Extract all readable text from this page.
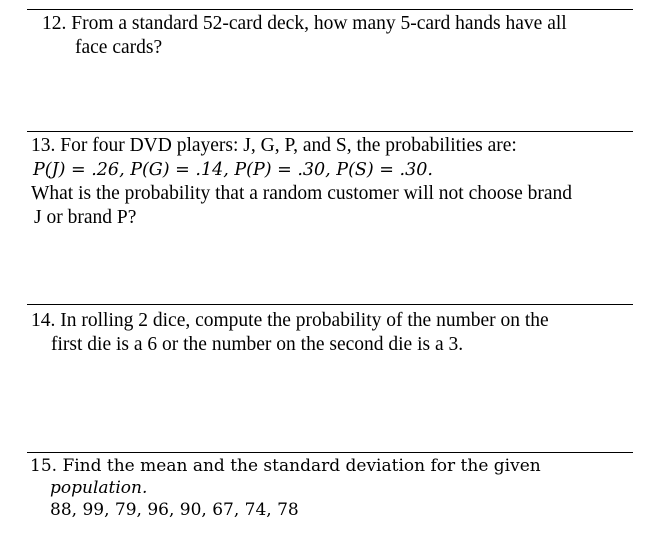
12. From a standard 52-card deck, how many 5-card hands have all
face cards?
13. For four DVD players: J, G, P, and S, the probabilities are:
P(J) = .26, P(G) = .14, P(P) = .30, P(S) = .30.
What is the probability that a random customer will not choose brand
J or brand P?
14. In rolling 2 dice, compute the probability of the number on the
first die is a 6 or the number on the second die is a 3.
15. Find the mean and the standard deviation for the given
population.
88, 99, 79, 96, 90, 67, 74, 78
